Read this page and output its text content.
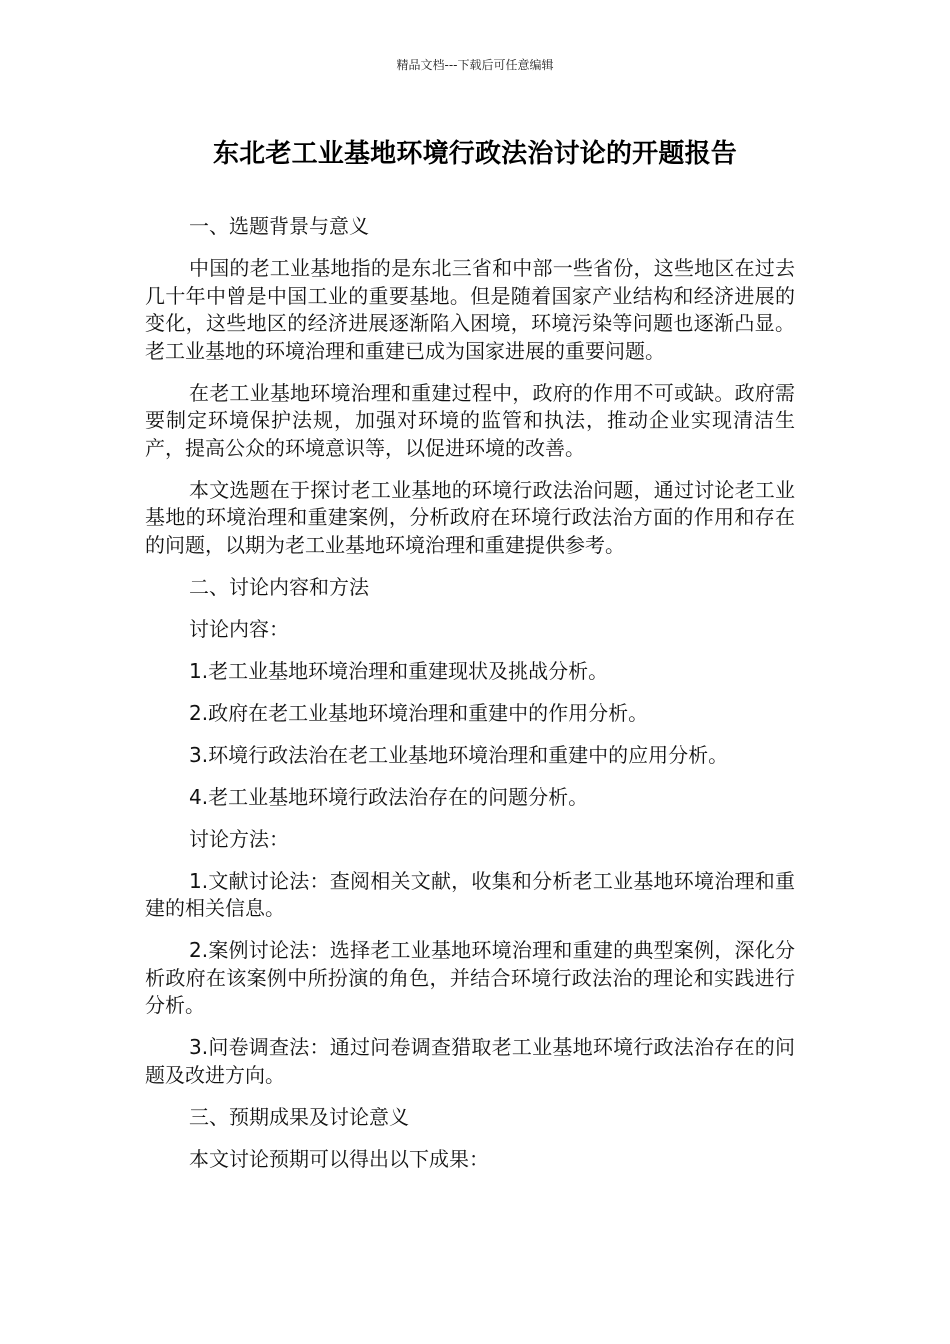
精品文档---下载后可任意编辑
东北老工业基地环境行政法治讨论的开题报告

一、选题背景与意义

中国的老工业基地指的是东北三省和中部一些省份，这些地区在过去几十年中曾是中国工业的重要基地。但是随着国家产业结构和经济进展的变化，这些地区的经济进展逐渐陷入困境，环境污染等问题也逐渐凸显。老工业基地的环境治理和重建已成为国家进展的重要问题。

在老工业基地环境治理和重建过程中，政府的作用不可或缺。政府需要制定环境保护法规，加强对环境的监管和执法，推动企业实现清洁生产，提高公众的环境意识等，以促进环境的改善。

本文选题在于探讨老工业基地的环境行政法治问题，通过讨论老工业基地的环境治理和重建案例，分析政府在环境行政法治方面的作用和存在的问题，以期为老工业基地环境治理和重建提供参考。

二、讨论内容和方法

讨论内容：

1.老工业基地环境治理和重建现状及挑战分析。

2.政府在老工业基地环境治理和重建中的作用分析。

3.环境行政法治在老工业基地环境治理和重建中的应用分析。

4.老工业基地环境行政法治存在的问题分析。

讨论方法：

1.文献讨论法：查阅相关文献，收集和分析老工业基地环境治理和重建的相关信息。

2.案例讨论法：选择老工业基地环境治理和重建的典型案例，深化分析政府在该案例中所扮演的角色，并结合环境行政法治的理论和实践进行分析。

3.问卷调查法：通过问卷调查猎取老工业基地环境行政法治存在的问题及改进方向。

三、预期成果及讨论意义

本文讨论预期可以得出以下成果：
